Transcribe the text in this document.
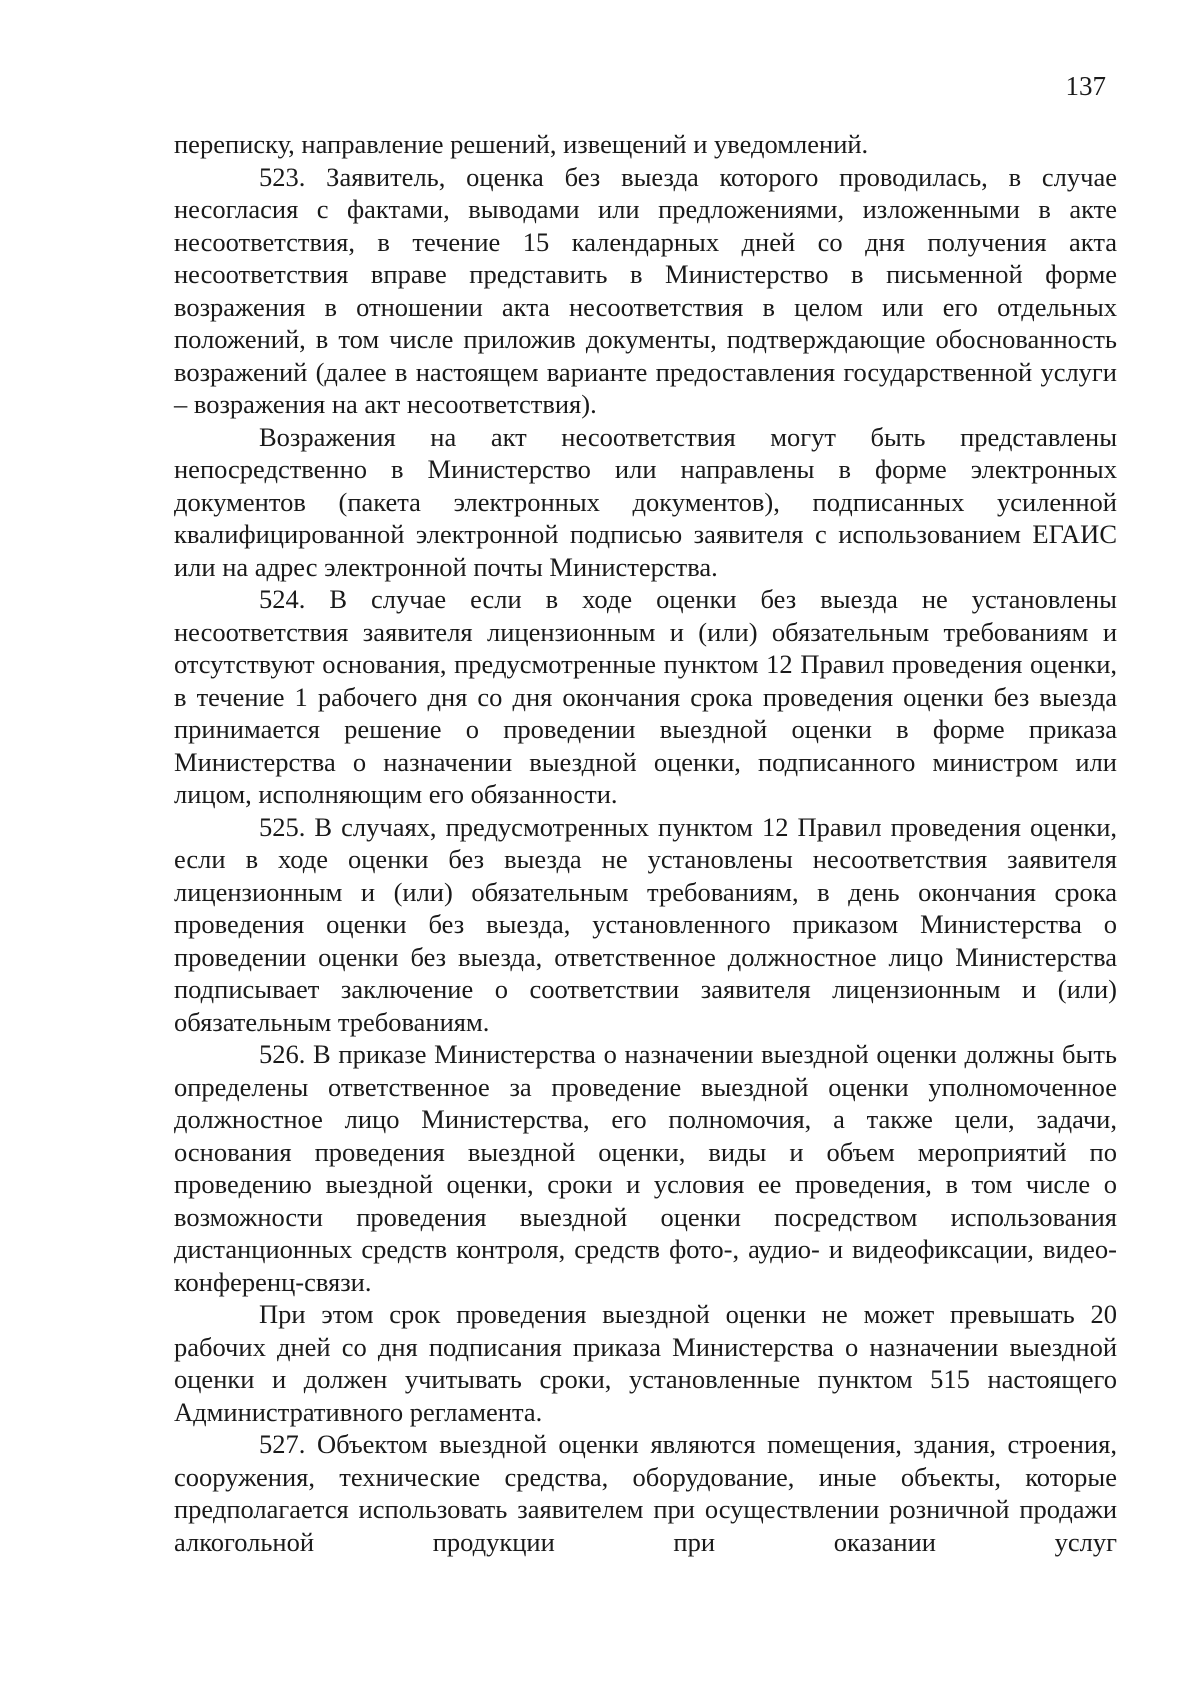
137

переписку, направление решений, извещений и уведомлений.

523. Заявитель, оценка без выезда которого проводилась, в случае несогласия с фактами, выводами или предложениями, изложенными в акте несоответствия, в течение 15 календарных дней со дня получения акта несоответствия вправе представить в Министерство в письменной форме возражения в отношении акта несоответствия в целом или его отдельных положений, в том числе приложив документы, подтверждающие обоснованность возражений (далее в настоящем варианте предоставления государственной услуги – возражения на акт несоответствия).

Возражения на акт несоответствия могут быть представлены непосредственно в Министерство или направлены в форме электронных документов (пакета электронных документов), подписанных усиленной квалифицированной электронной подписью заявителя с использованием ЕГАИС или на адрес электронной почты Министерства.

524. В случае если в ходе оценки без выезда не установлены несоответствия заявителя лицензионным и (или) обязательным требованиям и отсутствуют основания, предусмотренные пунктом 12 Правил проведения оценки, в течение 1 рабочего дня со дня окончания срока проведения оценки без выезда принимается решение о проведении выездной оценки в форме приказа Министерства о назначении выездной оценки, подписанного министром или лицом, исполняющим его обязанности.

525. В случаях, предусмотренных пунктом 12 Правил проведения оценки, если в ходе оценки без выезда не установлены несоответствия заявителя лицензионным и (или) обязательным требованиям, в день окончания срока проведения оценки без выезда, установленного приказом Министерства о проведении оценки без выезда, ответственное должностное лицо Министерства подписывает заключение о соответствии заявителя лицензионным и (или) обязательным требованиям.

526. В приказе Министерства о назначении выездной оценки должны быть определены ответственное за проведение выездной оценки уполномоченное должностное лицо Министерства, его полномочия, а также цели, задачи, основания проведения выездной оценки, виды и объем мероприятий по проведению выездной оценки, сроки и условия ее проведения, в том числе о возможности проведения выездной оценки посредством использования дистанционных средств контроля, средств фото-, аудио- и видеофиксации, видео-конференц-связи.

При этом срок проведения выездной оценки не может превышать 20 рабочих дней со дня подписания приказа Министерства о назначении выездной оценки и должен учитывать сроки, установленные пунктом 515 настоящего Административного регламента.

527. Объектом выездной оценки являются помещения, здания, строения, сооружения, технические средства, оборудование, иные объекты, которые предполагается использовать заявителем при осуществлении розничной продажи алкогольной продукции при оказании услуг
